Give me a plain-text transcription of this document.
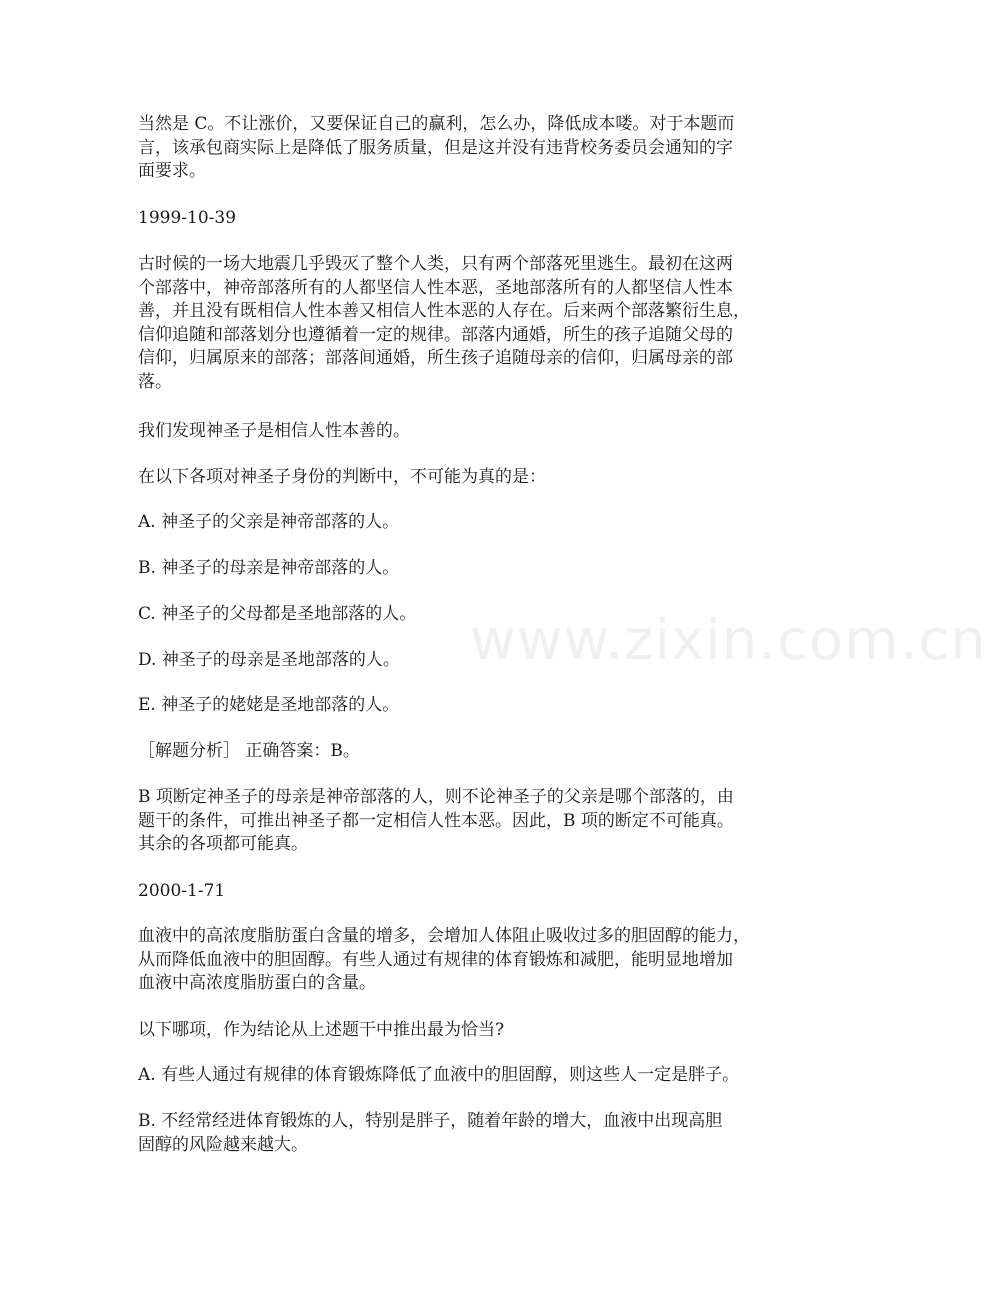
当然是 C。不让涨价，又要保证自己的赢利，怎么办，降低成本喽。对于本题而
言，该承包商实际上是降低了服务质量，但是这并没有违背校务委员会通知的字
面要求。

1999-10-39

古时候的一场大地震几乎毁灭了整个人类，只有两个部落死里逃生。最初在这两
个部落中，神帝部落所有的人都坚信人性本恶，圣地部落所有的人都坚信人性本
善，并且没有既相信人性本善又相信人性本恶的人存在。后来两个部落繁衍生息，
信仰追随和部落划分也遵循着一定的规律。部落内通婚，所生的孩子追随父母的
信仰，归属原来的部落；部落间通婚，所生孩子追随母亲的信仰，归属母亲的部
落。

我们发现神圣子是相信人性本善的。

在以下各项对神圣子身份的判断中，不可能为真的是：

A. 神圣子的父亲是神帝部落的人。

B. 神圣子的母亲是神帝部落的人。

C. 神圣子的父母都是圣地部落的人。

D. 神圣子的母亲是圣地部落的人。

E. 神圣子的姥姥是圣地部落的人。

［解题分析］ 正确答案：B。

B 项断定神圣子的母亲是神帝部落的人，则不论神圣子的父亲是哪个部落的，由
题干的条件，可推出神圣子都一定相信人性本恶。因此，B 项的断定不可能真。
其余的各项都可能真。

2000-1-71

血液中的高浓度脂肪蛋白含量的增多，会增加人体阻止吸收过多的胆固醇的能力，
从而降低血液中的胆固醇。有些人通过有规律的体育锻炼和减肥，能明显地增加
血液中高浓度脂肪蛋白的含量。

以下哪项，作为结论从上述题干中推出最为恰当?

A. 有些人通过有规律的体育锻炼降低了血液中的胆固醇，则这些人一定是胖子。

B. 不经常经进体育锻炼的人，特别是胖子，随着年龄的增大，血液中出现高胆
固醇的风险越来越大。

www.zixin.com.cn
